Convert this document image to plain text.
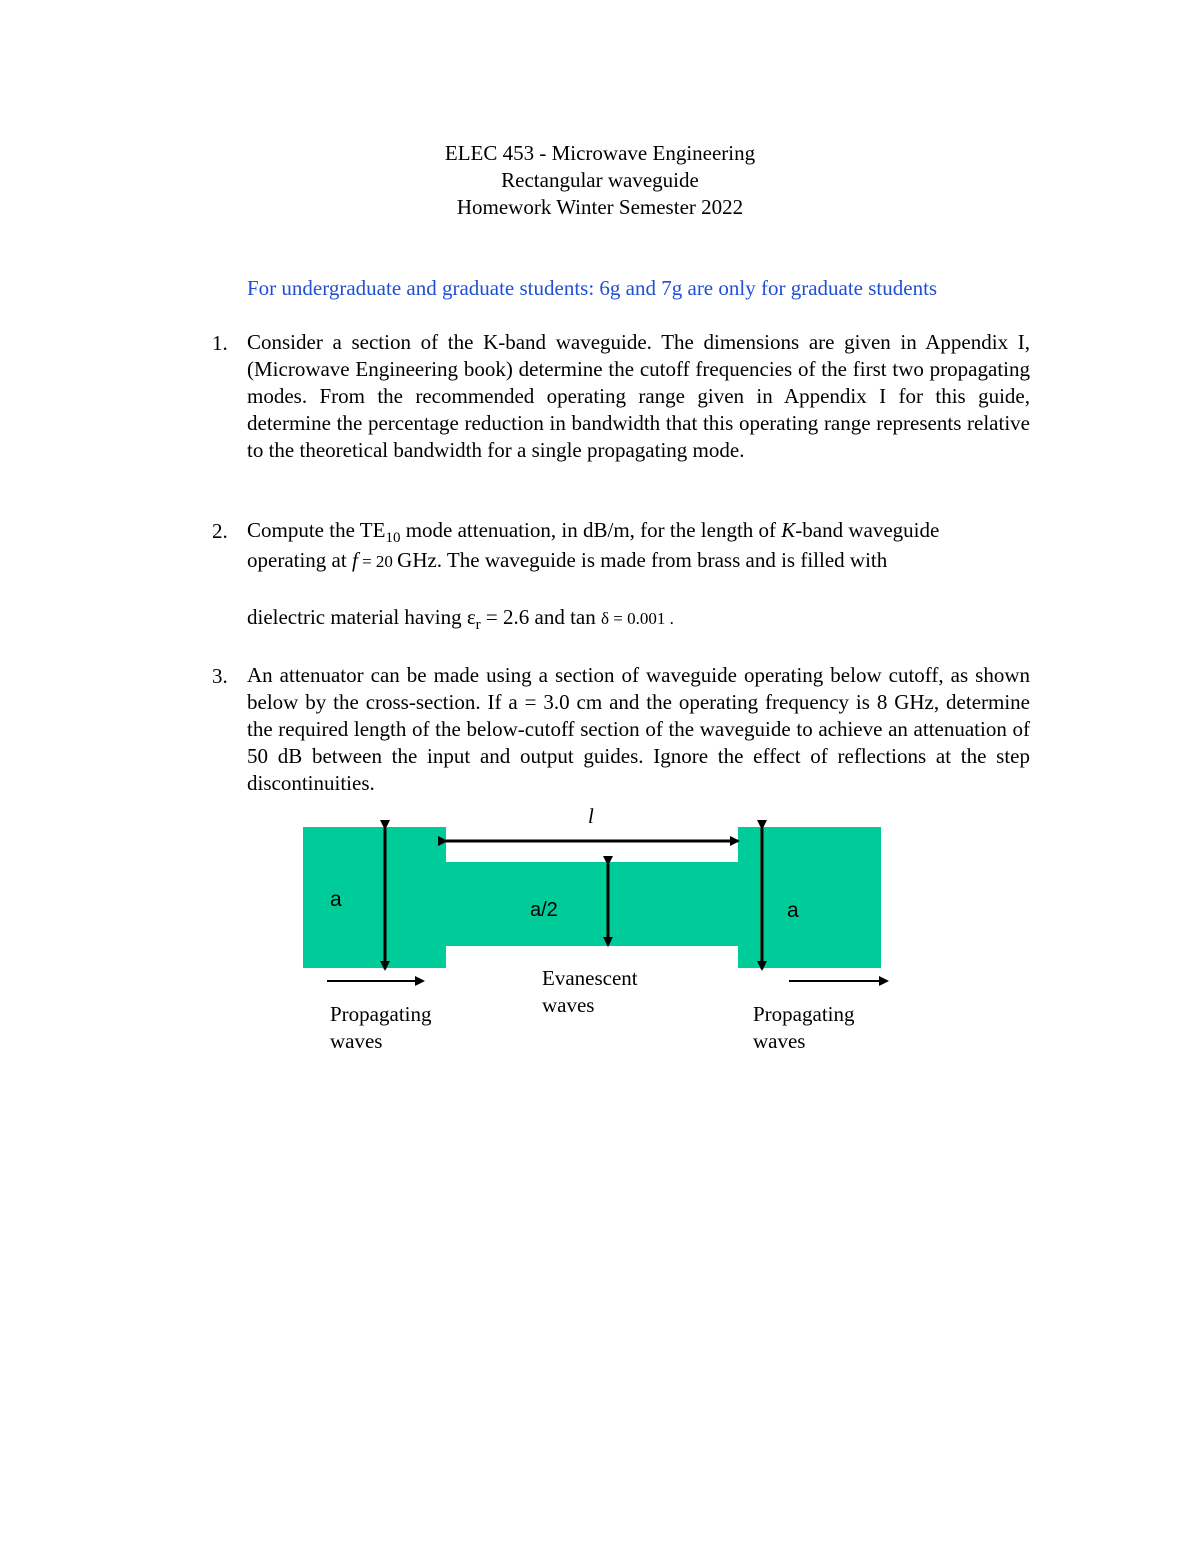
ELEC 453 - Microwave Engineering
Rectangular waveguide
Homework Winter Semester 2022
For undergraduate and graduate students: 6g and 7g are only for graduate students
1. Consider a section of the K-band waveguide. The dimensions are given in Appendix I, (Microwave Engineering book) determine the cutoff frequencies of the first two propagating modes. From the recommended operating range given in Appendix I for this guide, determine the percentage reduction in bandwidth that this operating range represents relative to the theoretical bandwidth for a single propagating mode.
2. Compute the $TE_{10}$ mode attenuation, in dB/m, for the length of K-band waveguide
operating at f = 20 GHz. The waveguide is made from brass and is filled with
dielectric material having $\varepsilon_r = 2.6$ and tan δ = 0.001 .
3. An attenuator can be made using a section of waveguide operating below cutoff, as shown below by the cross-section. If a = 3.0 cm and the operating frequency is 8 GHz, determine the required length of the below-cutoff section of the waveguide to achieve an attenuation of 50 dB between the input and output guides. Ignore the effect of reflections at the step discontinuities.
l
a	a/2	a
Propagating
waves
Evanescent
waves	Propagating
waves
